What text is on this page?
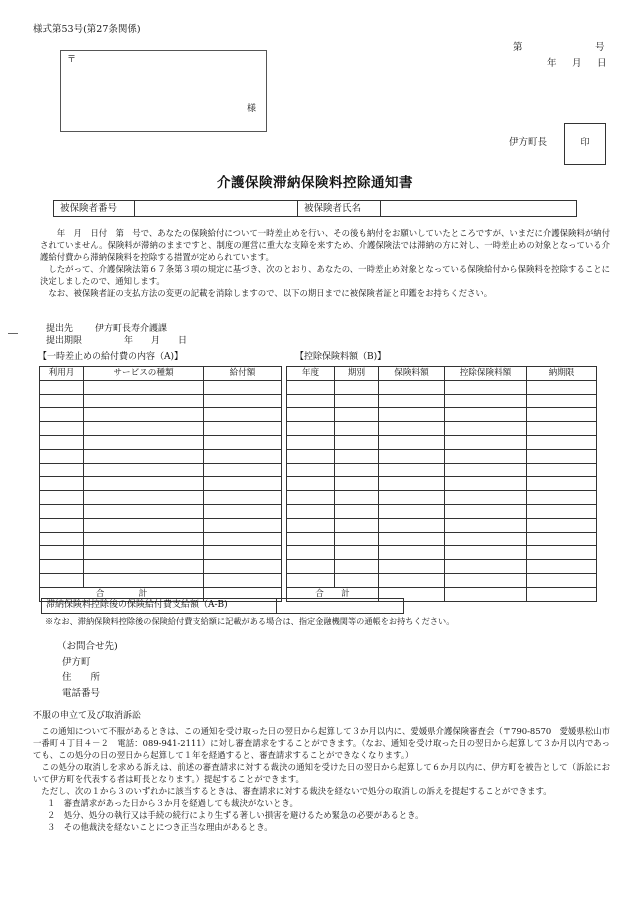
様式第53号(第27条関係)
〒
様
第	号
年 月 日
伊方町長	印
介護保険滞納保険料控除通知書
被保険者番号		被保険者氏名	
　　年　月　日付　第　号で、あなたの保険給付について一時差止めを行い、その後も納付をお願いしていたところですが、いまだに介護保険料が納付されていません。保険料が滞納のままですと、制度の運営に重大な支障を来すため、介護保険法では滞納の方に対し、一時差止めの対象となっている介護給付費から滞納保険料を控除する措置が定められています。
　したがって、介護保険法第６７条第３項の規定に基づき、次のとおり、あなたの、一時差止め対象となっている保険給付から保険料を控除することに決定しましたので、通知します。
　なお、被保険者証の支払方法の変更の記載を消除しますので、以下の期日までに被保険者証と印鑑をお持ちください。
提出先 伊方町長寿介護課
提出期限	年 月 日
【一時差止めの給付費の内容（A)】	【控除保険料額（B)】
利用月	サービスの種類	給付額

合　　　　計		
年度	期別	保険料額	控除保険料額	納期限

合　　計				
滞納保険料控除後の保険給付費支給額（A-B)	
※なお、滞納保険料控除後の保険給付費支給額に記載がある場合は、指定金融機関等の通帳をお持ちください。
（お問合せ先)
伊方町
住　　所
電話番号
不服の申立て及び取消訴訟
　この通知について不服があるときは、この通知を受け取った日の翌日から起算して３か月以内に、愛媛県介護保険審査会（〒790-8570　愛媛県松山市一番町４丁目４－２　電話：089-941-2111）に対し審査請求をすることができます。（なお、通知を受け取った日の翌日から起算して３か月以内であっても、この処分の日の翌日から起算して１年を経過すると、審査請求することができなくなります。）
　この処分の取消しを求める訴えは、前述の審査請求に対する裁決の通知を受けた日の翌日から起算して６か月以内に、伊方町を被告として（訴訟において伊方町を代表する者は町長となります。）提起することができます。
　ただし、次の１から３のいずれかに該当するときは、審査請求に対する裁決を経ないで処分の取消しの訴えを提起することができます。
１　審査請求があった日から３か月を経過しても裁決がないとき。
２　処分、処分の執行又は手続の続行により生ずる著しい損害を避けるため緊急の必要があるとき。
３　その他裁決を経ないことにつき正当な理由があるとき。
